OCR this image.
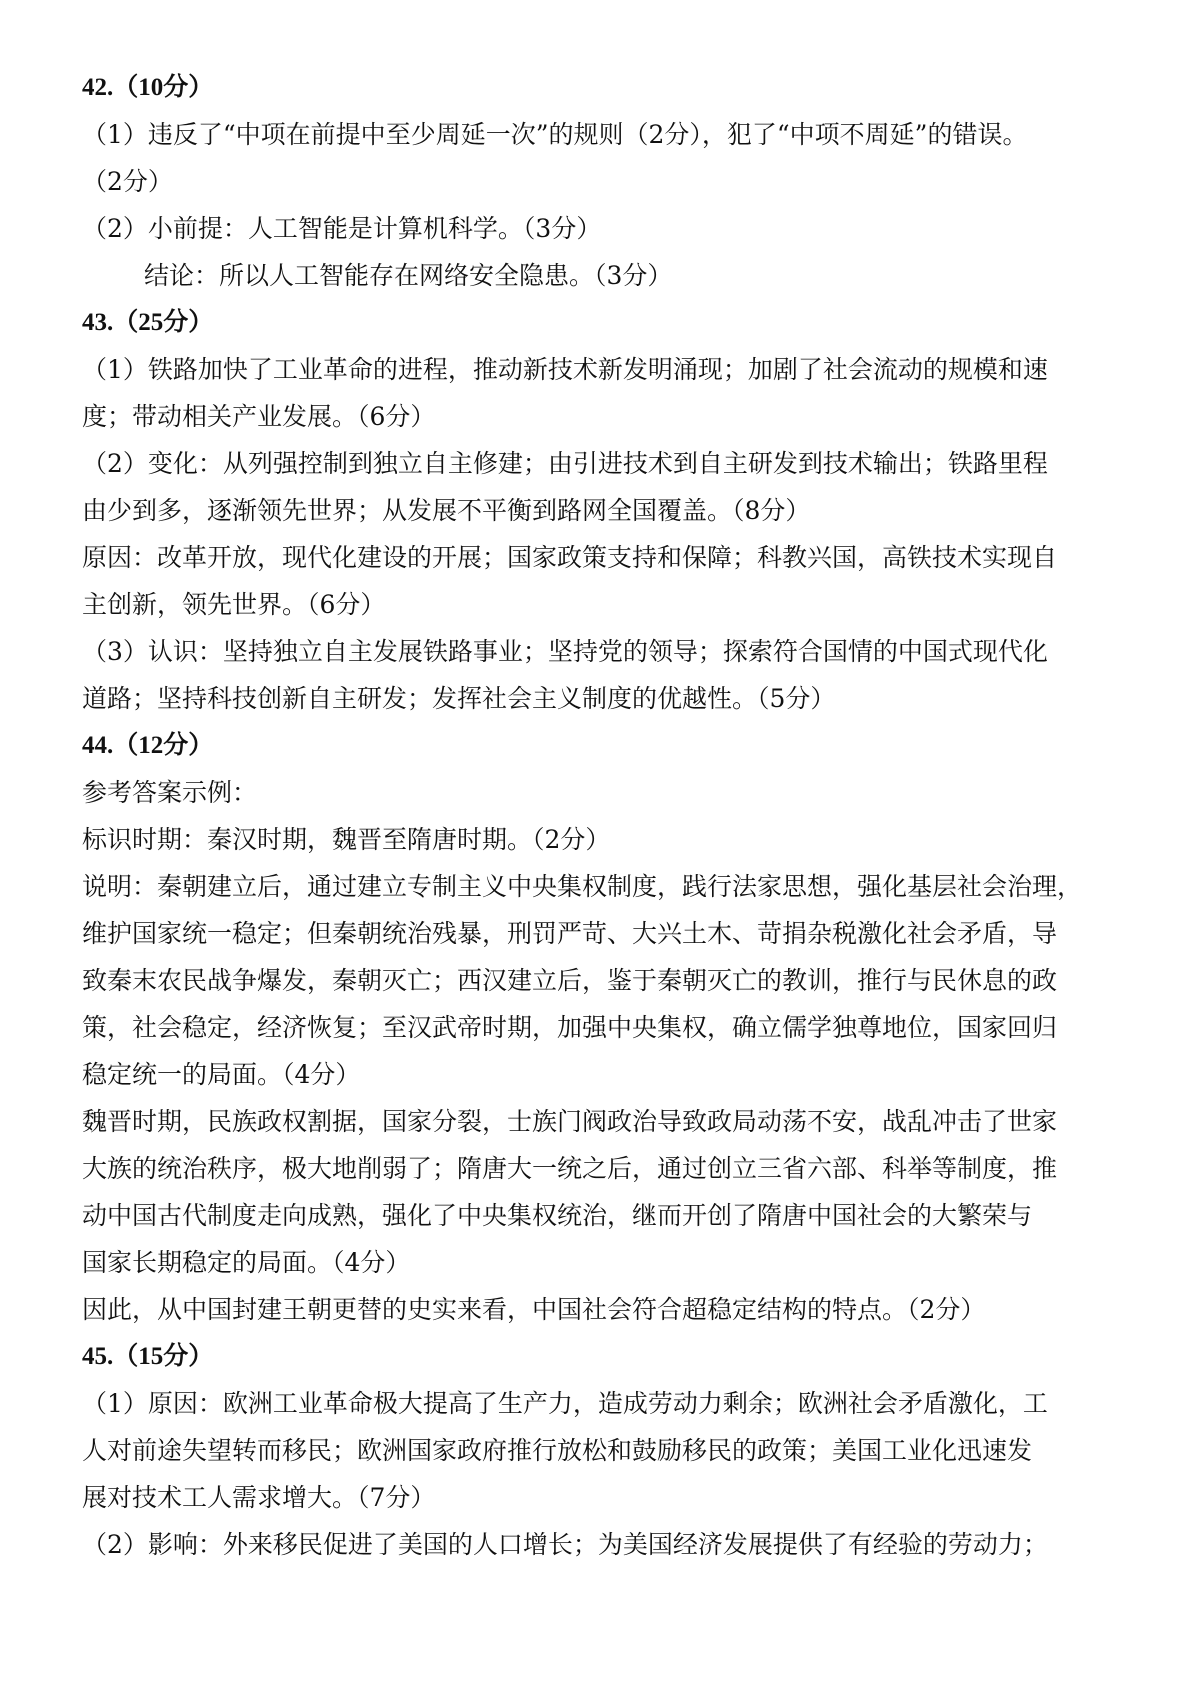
42.（10分）
（1）违反了“中项在前提中至少周延一次”的规则（2分），犯了“中项不周延”的错误。
（2分）
（2）小前提：人工智能是计算机科学。（3分）
结论：所以人工智能存在网络安全隐患。（3分）
43.（25分）
（1）铁路加快了工业革命的进程，推动新技术新发明涌现；加剧了社会流动的规模和速
度；带动相关产业发展。（6分）
（2）变化：从列强控制到独立自主修建；由引进技术到自主研发到技术输出；铁路里程
由少到多，逐渐领先世界；从发展不平衡到路网全国覆盖。（8分）
原因：改革开放，现代化建设的开展；国家政策支持和保障；科教兴国，高铁技术实现自
主创新，领先世界。（6分）
（3）认识：坚持独立自主发展铁路事业；坚持党的领导；探索符合国情的中国式现代化
道路；坚持科技创新自主研发；发挥社会主义制度的优越性。（5分）
44.（12分）
参考答案示例：
标识时期：秦汉时期，魏晋至隋唐时期。（2分）
说明：秦朝建立后，通过建立专制主义中央集权制度，践行法家思想，强化基层社会治理，
维护国家统一稳定；但秦朝统治残暴，刑罚严苛、大兴土木、苛捐杂税激化社会矛盾，导
致秦末农民战争爆发，秦朝灭亡；西汉建立后，鉴于秦朝灭亡的教训，推行与民休息的政
策，社会稳定，经济恢复；至汉武帝时期，加强中央集权，确立儒学独尊地位，国家回归
稳定统一的局面。（4分）
魏晋时期，民族政权割据，国家分裂，士族门阀政治导致政局动荡不安，战乱冲击了世家
大族的统治秩序，极大地削弱了；隋唐大一统之后，通过创立三省六部、科举等制度，推
动中国古代制度走向成熟，强化了中央集权统治，继而开创了隋唐中国社会的大繁荣与
国家长期稳定的局面。（4分）
因此，从中国封建王朝更替的史实来看，中国社会符合超稳定结构的特点。（2分）
45.（15分）
（1）原因：欧洲工业革命极大提高了生产力，造成劳动力剩余；欧洲社会矛盾激化，工
人对前途失望转而移民；欧洲国家政府推行放松和鼓励移民的政策；美国工业化迅速发
展对技术工人需求增大。（7分）
（2）影响：外来移民促进了美国的人口增长；为美国经济发展提供了有经验的劳动力；
